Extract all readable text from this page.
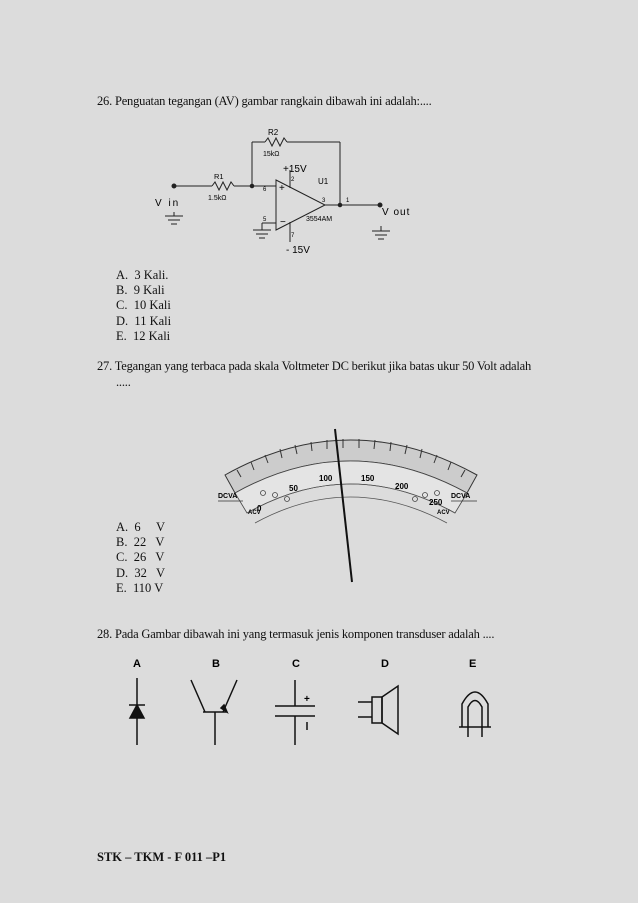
26. Penguatan tegangan (AV) gambar rangkain dibawah ini adalah:....
+
−
R2
15kΩ
R1
1.5kΩ
+15V
- 15V
U1
3554AM
V in
V out
2
3
6
5
7
1
A.  3 Kali.
B.  9 Kali
C.  10 Kali
D.  11 Kali
E.  12 Kali
27. Tegangan yang terbaca pada skala Voltmeter DC berikut jika batas ukur 50 Volt adalah
.....
0
50
100	150
200
250
DCVA	DCVA
ACV	ACV
A.  6     V
B.  22   V
C.  26   V
D.  32   V
E.  110 V
28. Pada Gambar dibawah ini yang termasuk jenis komponen transduser adalah ....
A	B	C	D	E
+
STK – TKM - F 011 –P1
